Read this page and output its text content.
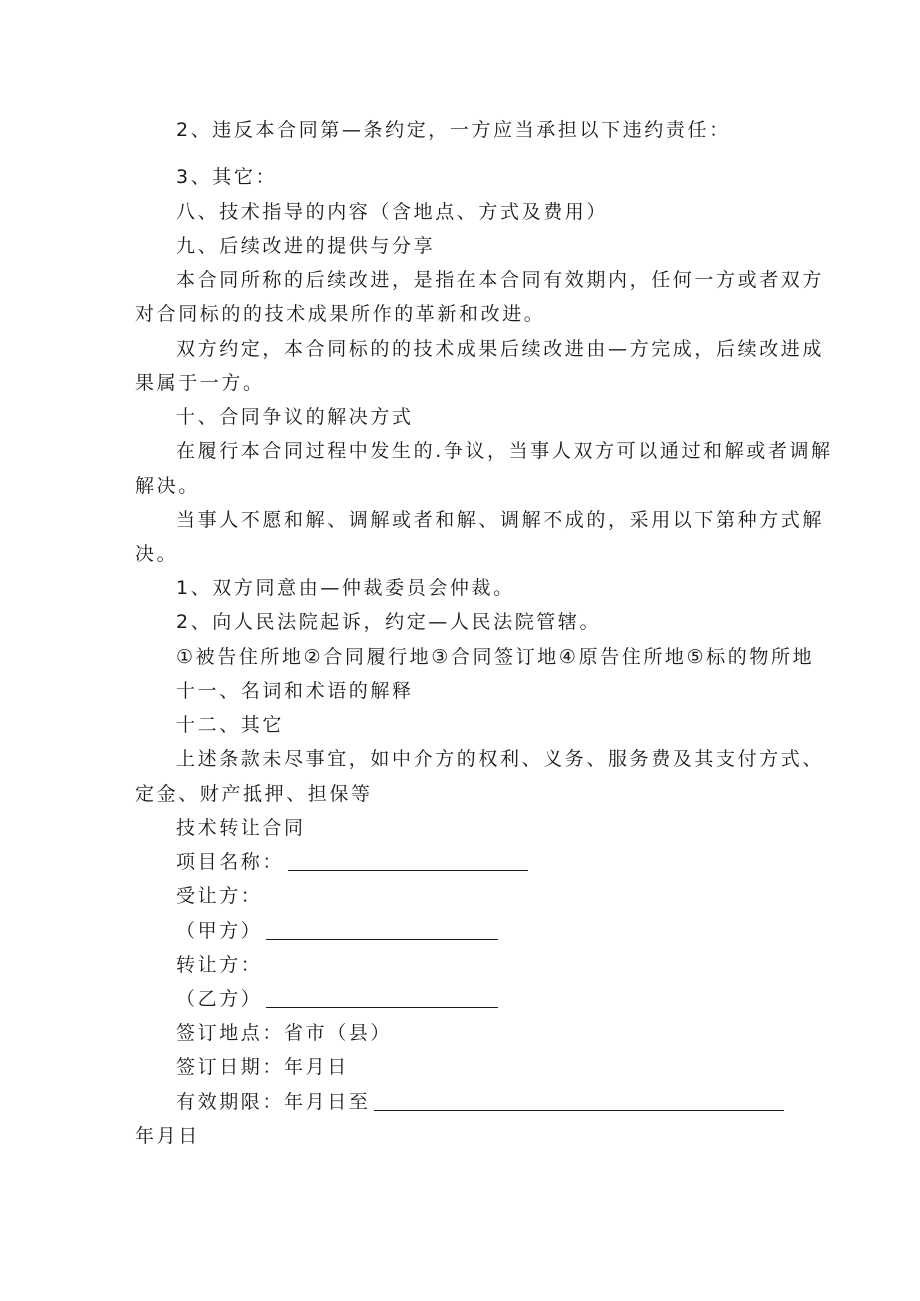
2、违反本合同第—条约定，一方应当承担以下违约责任：
3、其它：
八、技术指导的内容（含地点、方式及费用）
九、后续改进的提供与分享
本合同所称的后续改进，是指在本合同有效期内，任何一方或者双方
对合同标的的技术成果所作的革新和改进。
双方约定，本合同标的的技术成果后续改进由—方完成，后续改进成
果属于一方。
十、合同争议的解决方式
在履行本合同过程中发生的.争议，当事人双方可以通过和解或者调解
解决。
当事人不愿和解、调解或者和解、调解不成的，采用以下第种方式解
决。
1、双方同意由—仲裁委员会仲裁。
2、向人民法院起诉，约定—人民法院管辖。
①被告住所地②合同履行地③合同签订地④原告住所地⑤标的物所地
十一、名词和术语的解释
十二、其它
上述条款未尽事宜，如中介方的权利、义务、服务费及其支付方式、
定金、财产抵押、担保等
技术转让合同
项目名称：
受让方：
（甲方）
转让方：
（乙方）
签订地点：省市（县）
签订日期：年月日
有效期限：年月日至
年月日
